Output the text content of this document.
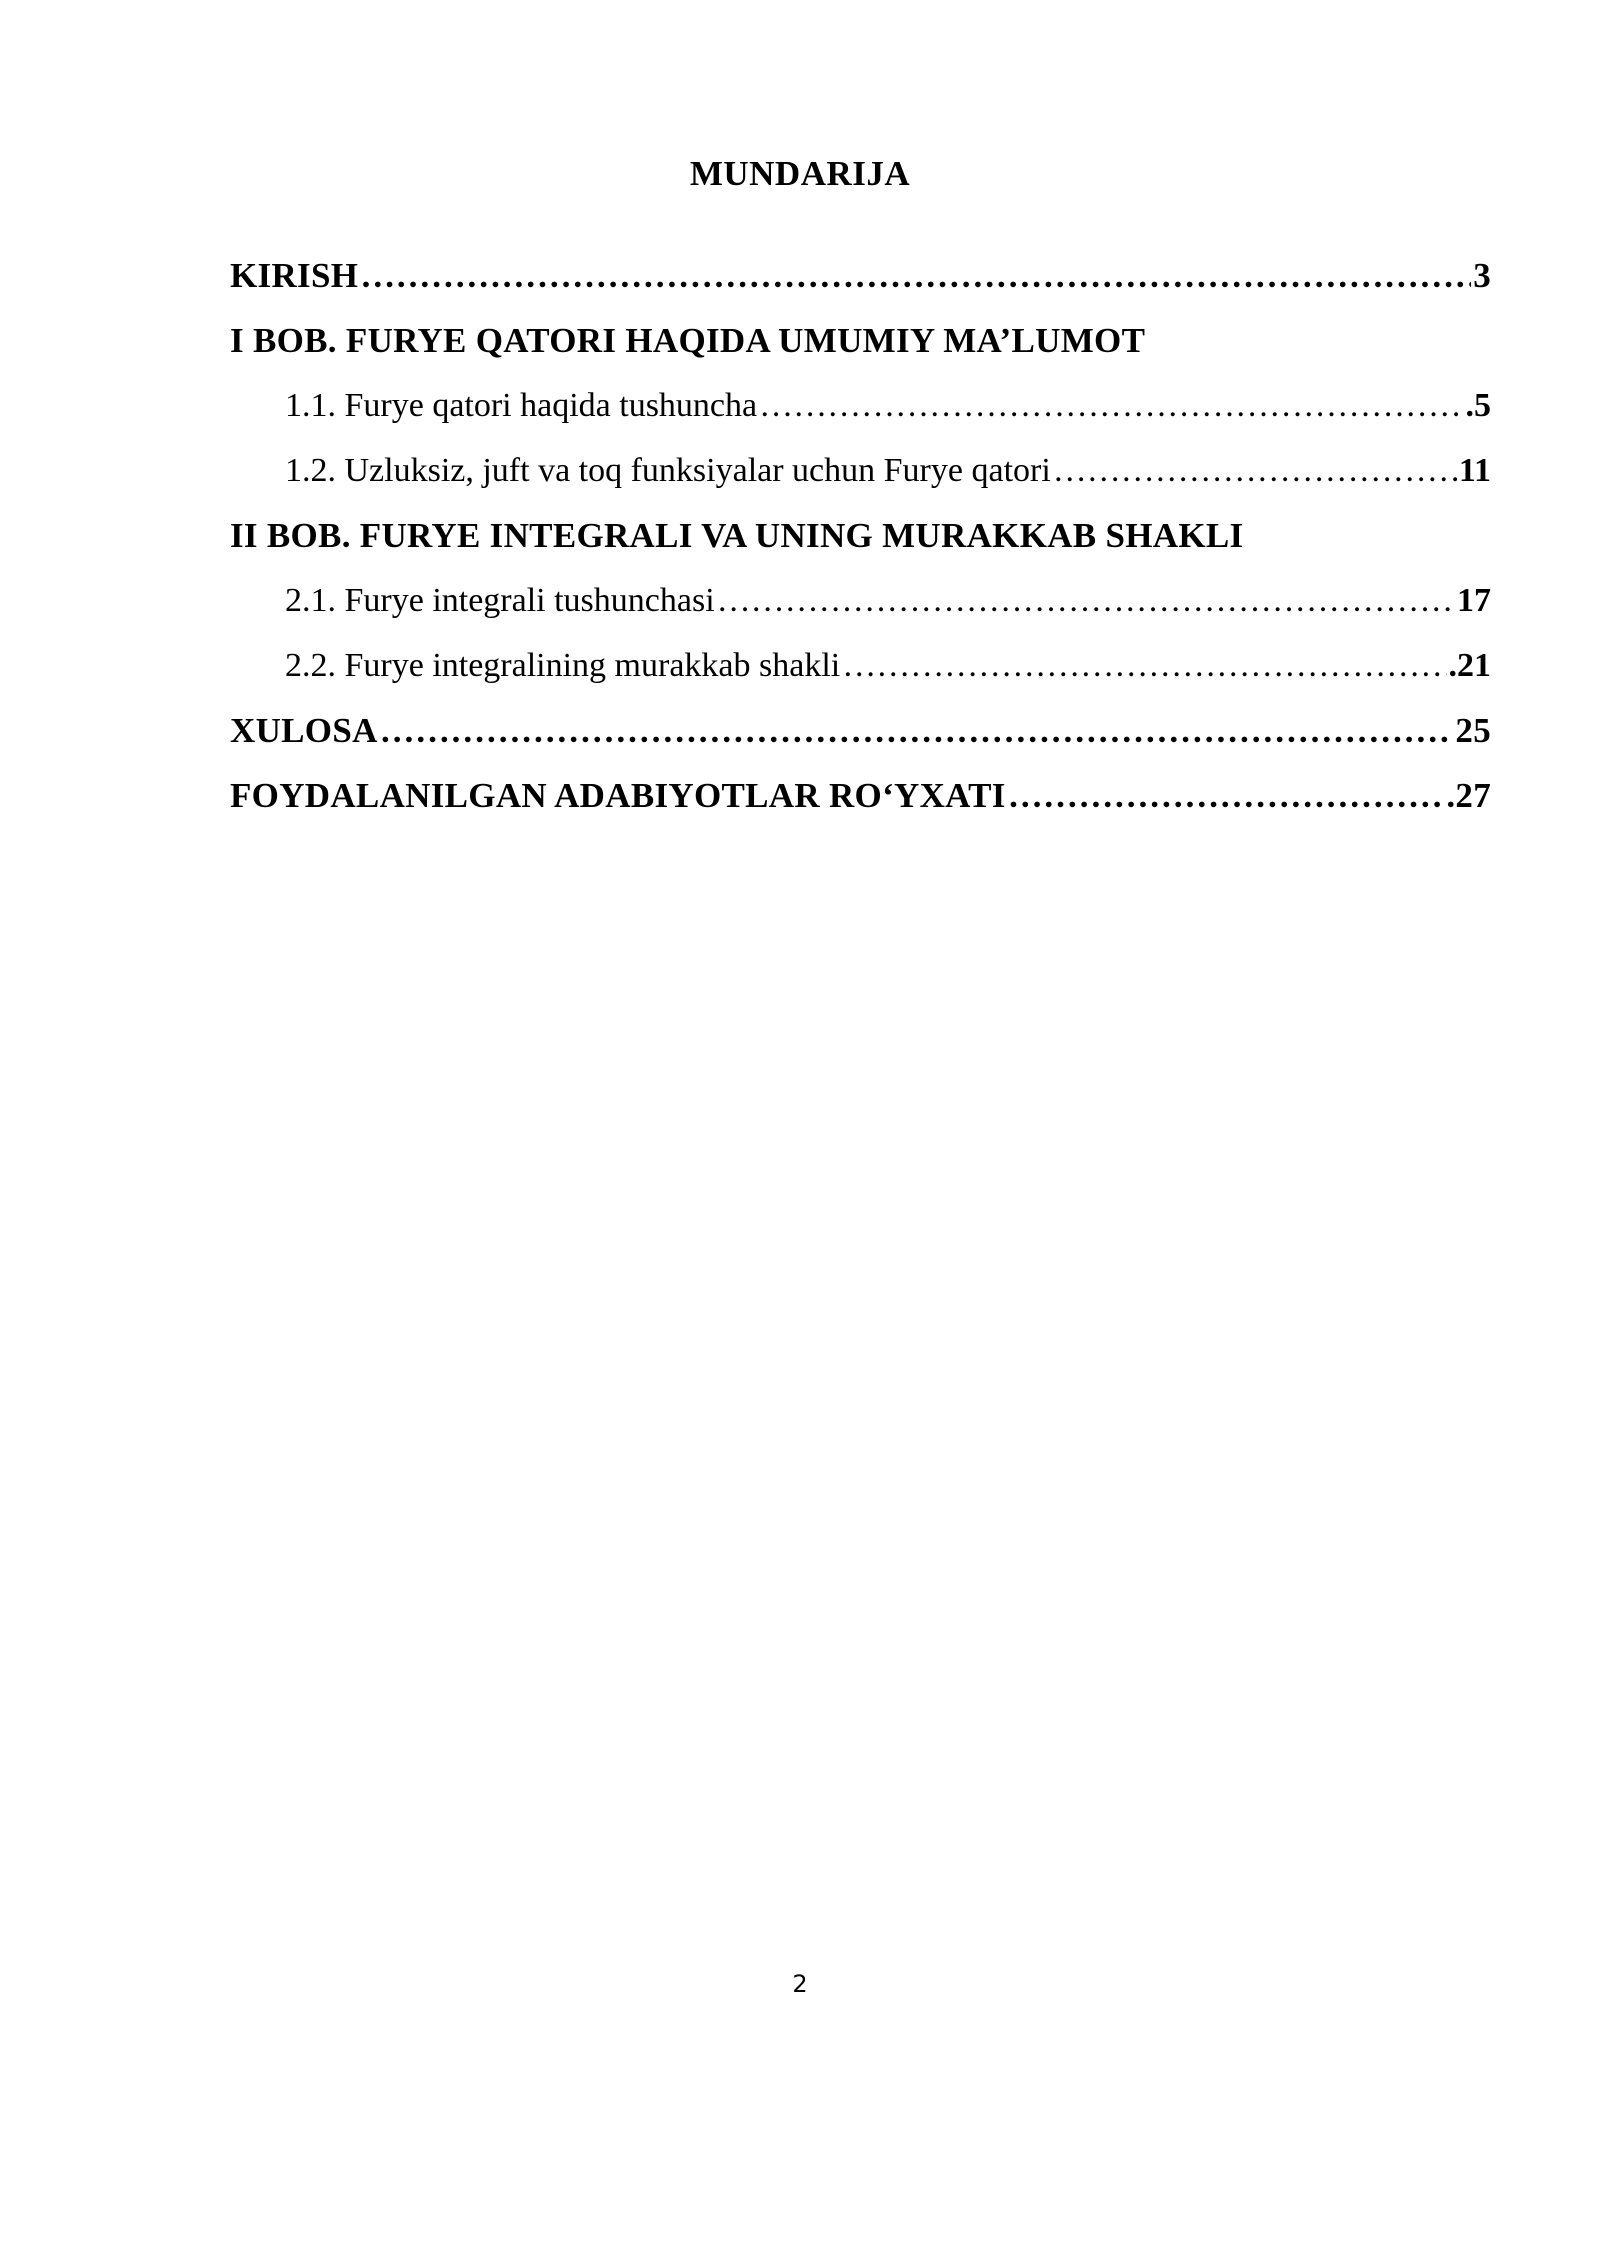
MUNDARIJA
KIRISH ……………………………………………………………………………………………………………………………………………………………………………………………………………………	3
I BOB. FURYE QATORI HAQIDA UMUMIY MA’LUMOT
1.1. Furye qatori haqida tushuncha ……………………………………………………………………………………………………………………………………………………………………………………………………………………	.5
1.2. Uzluksiz, juft va toq funksiyalar uchun Furye qatori ……………………………………………………………………………………………………………………………………………………………………………………………………………………	11
II BOB. FURYE INTEGRALI VA UNING MURAKKAB SHAKLI
2.1. Furye integrali tushunchasi ……………………………………………………………………………………………………………………………………………………………………………………………………………………	17
2.2. Furye integralining murakkab shakli ……………………………………………………………………………………………………………………………………………………………………………………………………………………	.21
XULOSA ……………………………………………………………………………………………………………………………………………………………………………………………………………………	25
FOYDALANILGAN ADABIYOTLAR RO‘YXATI ……………………………………………………………………………………………………………………………………………………………………………………………………………………	.27
2
